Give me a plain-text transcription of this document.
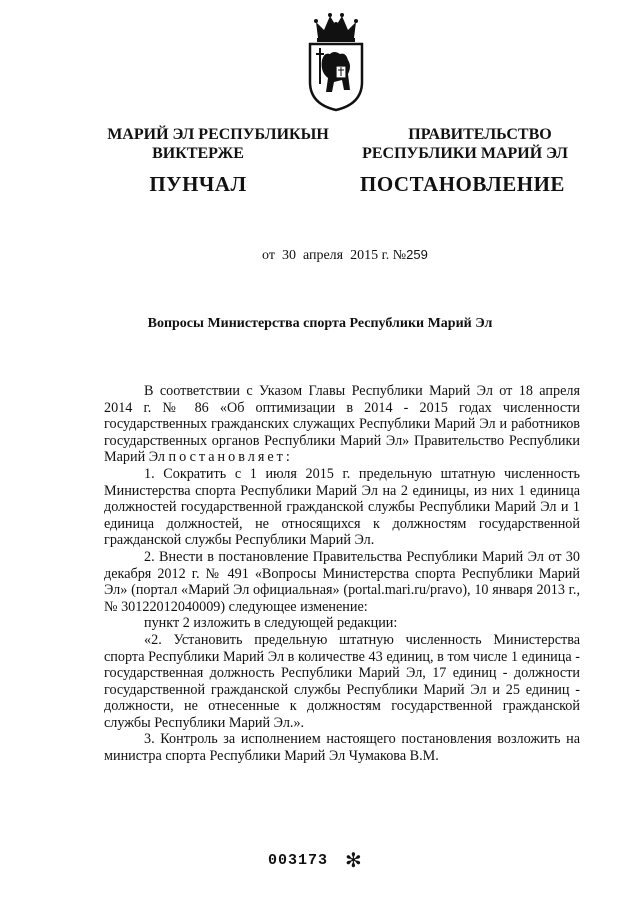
МАРИЙ ЭЛ РЕСПУБЛИКЫН
ВИКТЕРЖЕ
ПУНЧАЛ
ПРАВИТЕЛЬСТВО
РЕСПУБЛИКИ МАРИЙ ЭЛ
ПОСТАНОВЛЕНИЕ
от 30 апреля 2015 г. №259
Вопросы Министерства спорта Республики Марий Эл

В соответствии с Указом Главы Республики Марий Эл от 18 апреля 2014 г. № 86 «Об оптимизации в 2014 - 2015 годах численности государственных гражданских служащих Республики Марий Эл и работников государственных органов Республики Марий Эл» Правительство Республики Марий Эл постановляет:

1. Сократить с 1 июля 2015 г. предельную штатную численность Министерства спорта Республики Марий Эл на 2 единицы, из них 1 единица должностей государственной гражданской службы Республики Марий Эл и 1 единица должностей, не относящихся к должностям государственной гражданской службы Республики Марий Эл.

2. Внести в постановление Правительства Республики Марий Эл от 30 декабря 2012 г. № 491 «Вопросы Министерства спорта Республики Марий Эл» (портал «Марий Эл официальная» (portal.mari.ru/pravo), 10 января 2013 г., № 30122012040009) следующее изменение:

пункт 2 изложить в следующей редакции:

«2. Установить предельную штатную численность Министерства спорта Республики Марий Эл в количестве 43 единиц, в том числе 1 единица - государственная должность Республики Марий Эл, 17 единиц - должности государственной гражданской службы Республики Марий Эл и 25 единиц - должности, не отнесенные к должностям государственной гражданской службы Республики Марий Эл.».

3. Контроль за исполнением настоящего постановления возложить на министра спорта Республики Марий Эл Чумакова В.М.

003173 ✻
